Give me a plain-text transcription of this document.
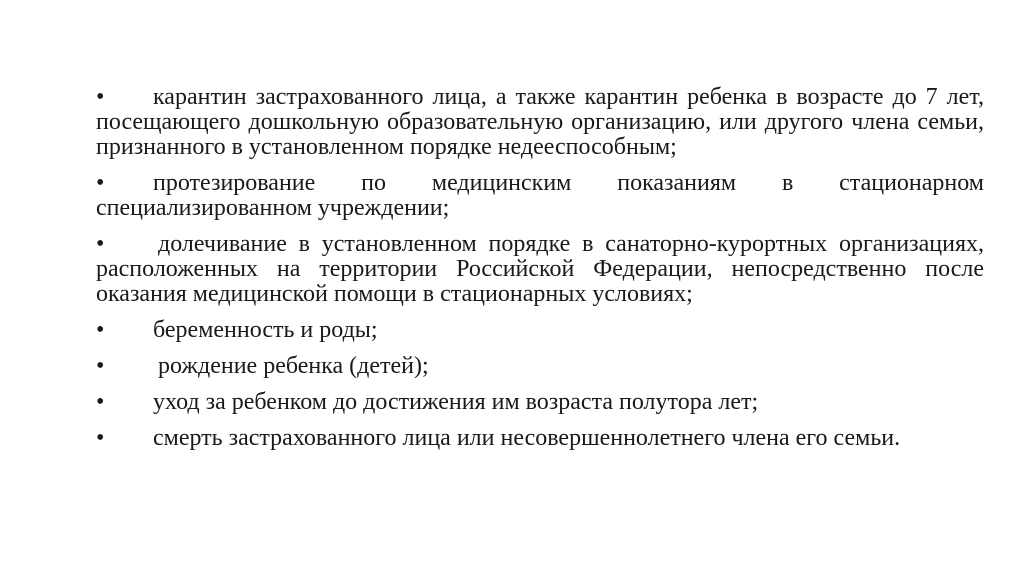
•	карантин застрахованного лица, а также карантин ребенка в возрасте до 7 лет, посещающего дошкольную образовательную организацию, или другого члена семьи, признанного в установленном порядке недееспособным;
•	протезирование по медицинским показаниям в стационарном специализированном учреждении;
•	долечивание в установленном порядке в санаторно-курортных организациях, расположенных на территории Российской Федерации, непосредственно после оказания медицинской помощи в стационарных условиях;
•	беременность и роды;
•	рождение ребенка (детей);
•	уход за ребенком до достижения им возраста полутора лет;
•	смерть застрахованного лица или несовершеннолетнего члена его семьи.
